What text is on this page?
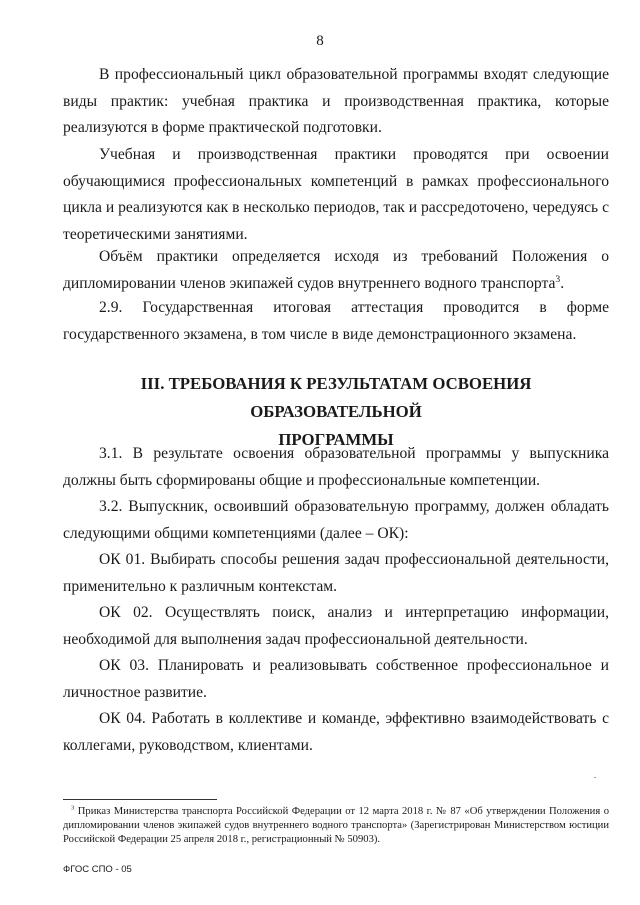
8

В профессиональный цикл образовательной программы входят следующие виды практик: учебная практика и производственная практика, которые реализуются в форме практической подготовки.

Учебная и производственная практики проводятся при освоении обучающимися профессиональных компетенций в рамках профессионального цикла и реализуются как в несколько периодов, так и рассредоточено, чередуясь с теоретическими занятиями.

Объём практики определяется исходя из требований Положения о дипломировании членов экипажей судов внутреннего водного транспорта$^3$.

2.9. Государственная итоговая аттестация проводится в форме государственного экзамена, в том числе в виде демонстрационного экзамена.

III. ТРЕБОВАНИЯ К РЕЗУЛЬТАТАМ ОСВОЕНИЯ ОБРАЗОВАТЕЛЬНОЙ
ПРОГРАММЫ

3.1. В результате освоения образовательной программы у выпускника должны быть сформированы общие и профессиональные компетенции.

3.2. Выпускник, освоивший образовательную программу, должен обладать следующими общими компетенциями (далее – ОК):

ОК 01. Выбирать способы решения задач профессиональной деятельности, применительно к различным контекстам.

ОК 02. Осуществлять поиск, анализ и интерпретацию информации, необходимой для выполнения задач профессиональной деятельности.

ОК 03. Планировать и реализовывать собственное профессиональное и личностное развитие.

ОК 04. Работать в коллективе и команде, эффективно взаимодействовать с коллегами, руководством, клиентами.

ˇ

$^3$ Приказ Министерства транспорта Российской Федерации от 12 марта 2018 г. № 87 «Об утверждении Положения о дипломировании членов экипажей судов внутреннего водного транспорта» (Зарегистрирован Министерством юстиции Российской Федерации 25 апреля 2018 г., регистрационный № 50903).

ФГОС СПО - 05
